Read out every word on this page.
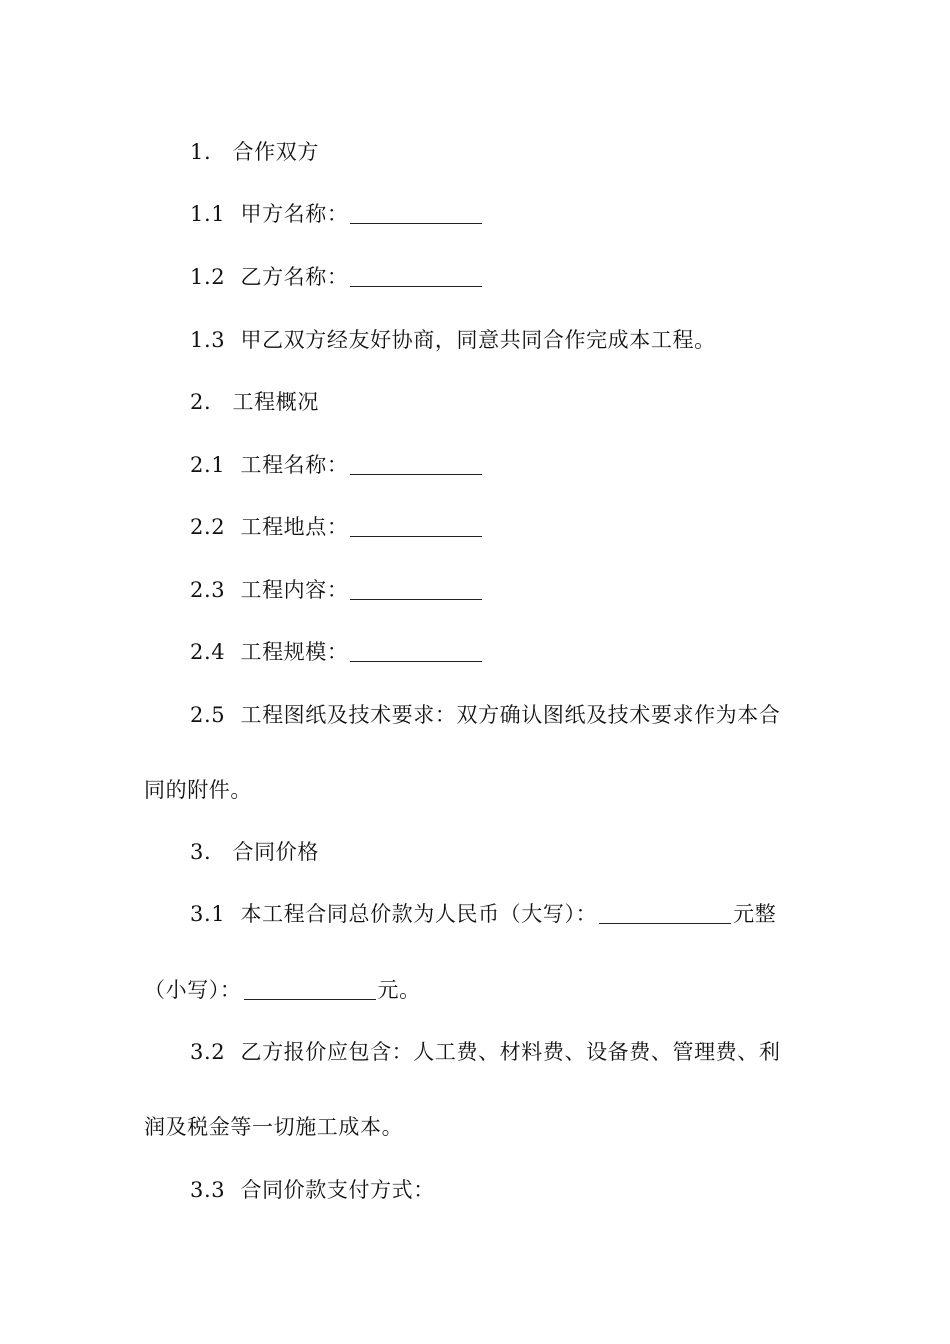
1. 合作双方
1.1 甲方名称：
1.2 乙方名称：
1.3 甲乙双方经友好协商，同意共同合作完成本工程。
2. 工程概况
2.1 工程名称：
2.2 工程地点：
2.3 工程内容：
2.4 工程规模：
2.5 工程图纸及技术要求：双方确认图纸及技术要求作为本合
同的附件。
3. 合同价格
3.1 本工程合同总价款为人民币（大写）：	元整
（小写）：	元。
3.2 乙方报价应包含：人工费、材料费、设备费、管理费、利
润及税金等一切施工成本。
3.3 合同价款支付方式：
